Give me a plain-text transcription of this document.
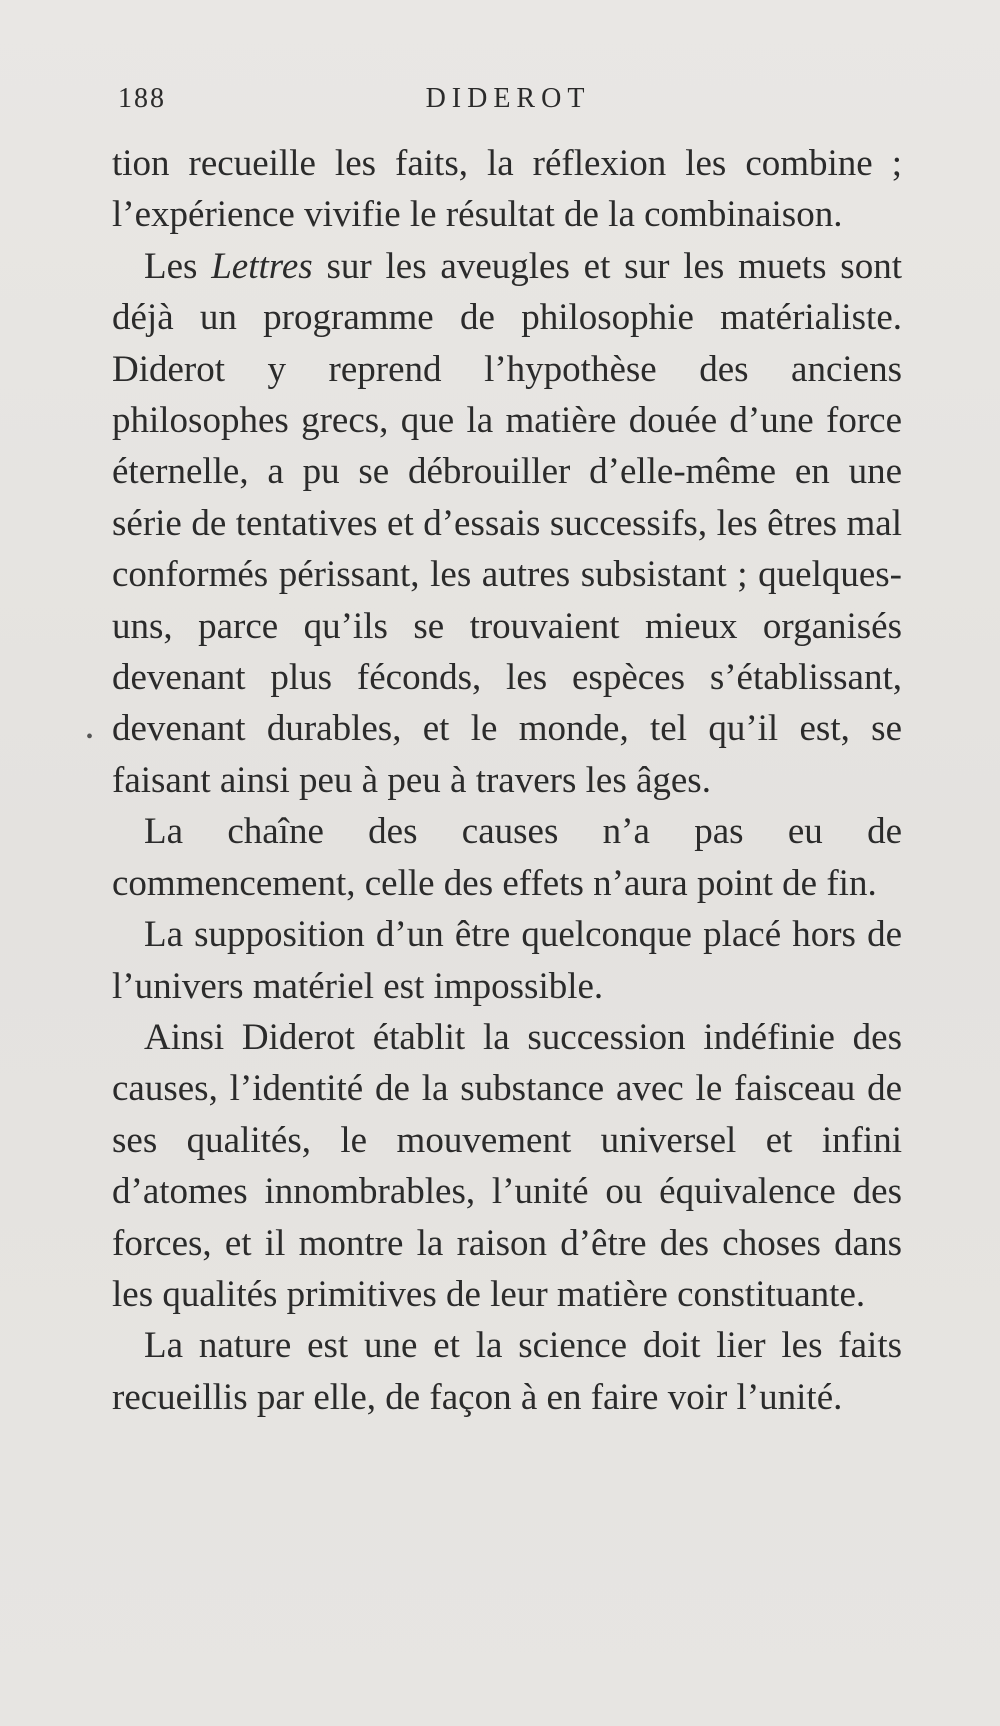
188	DIDEROT
•

tion recueille les faits, la réflexion les combine ; l’expérience vivifie le résultat de la combinaison.

Les Lettres sur les aveugles et sur les muets sont déjà un programme de philosophie matérialiste. Diderot y reprend l’hypothèse des anciens philosophes grecs, que la matière douée d’une force éternelle, a pu se débrouiller d’elle-même en une série de tentatives et d’essais successifs, les êtres mal conformés périssant, les autres subsistant ; quelques-uns, parce qu’ils se trouvaient mieux organisés devenant plus féconds, les espèces s’établissant, devenant durables, et le monde, tel qu’il est, se faisant ainsi peu à peu à travers les âges.

La chaîne des causes n’a pas eu de commencement, celle des effets n’aura point de fin.

La supposition d’un être quelconque placé hors de l’univers matériel est impossible.

Ainsi Diderot établit la succession indéfinie des causes, l’identité de la substance avec le faisceau de ses qualités, le mouvement universel et infini d’atomes innombrables, l’unité ou équivalence des forces, et il montre la raison d’être des choses dans les qualités primitives de leur matière constituante.

La nature est une et la science doit lier les faits recueillis par elle, de façon à en faire voir l’unité.
